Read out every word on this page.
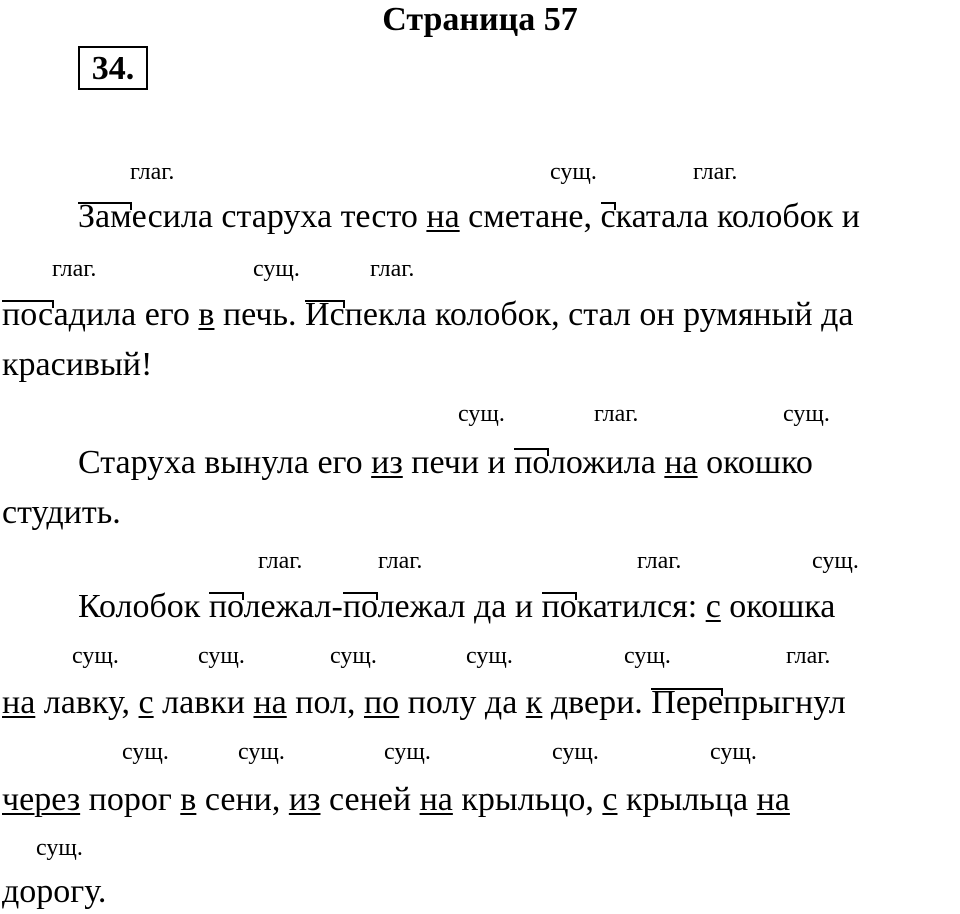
Страница 57
34.
глаг.	сущ.	глаг.
Замесила старуха тесто на сметане, скатала колобок и
глаг.	сущ.	глаг.
посадила его в печь. Испекла колобок, стал он румяный да
красивый!
сущ.	глаг.	сущ.
Старуха вынула его из печи и положила на окошко
студить.
глаг.	глаг.	глаг.	сущ.
Колобок полежал-полежал да и покатился: с окошка
сущ.	сущ.	сущ.	сущ.	сущ.	глаг.
на лавку, с лавки на пол, по полу да к двери. Перепрыгнул
сущ.	сущ.	сущ.	сущ.	сущ.
через порог в сени, из сеней на крыльцо, с крыльца на
сущ.
дорогу.
